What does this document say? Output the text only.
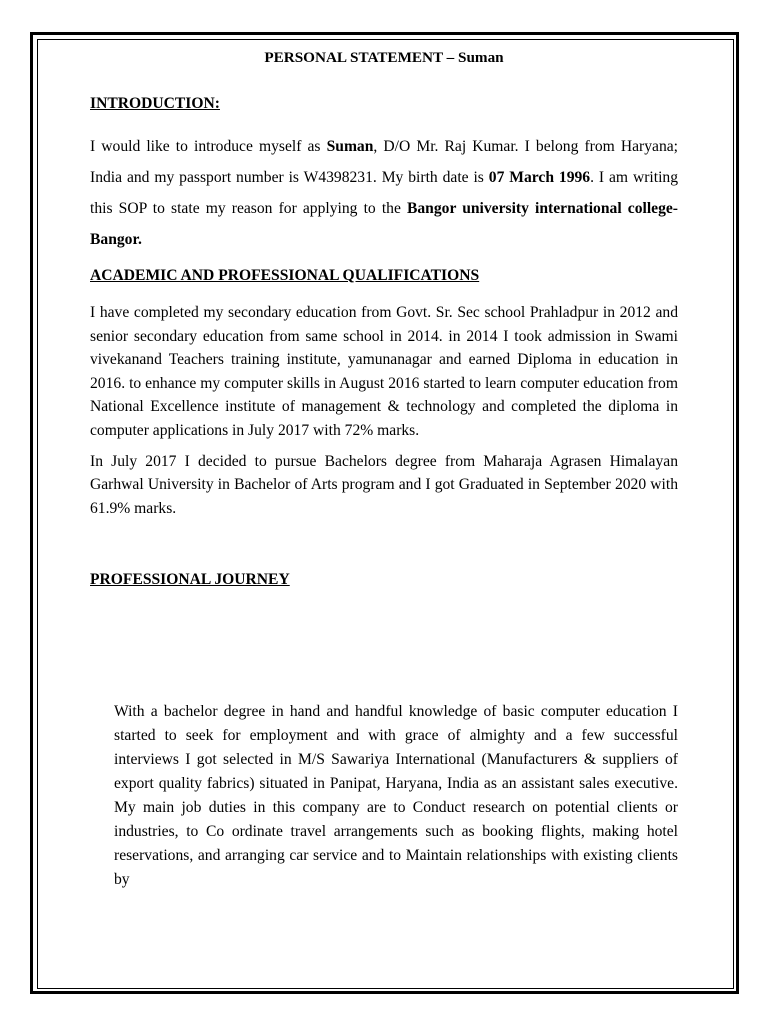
PERSONAL STATEMENT – Suman

INTRODUCTION:

I would like to introduce myself as Suman, D/O Mr. Raj Kumar. I belong from Haryana; India and my passport number is W4398231. My birth date is 07 March 1996. I am writing this SOP to state my reason for applying to the Bangor university international college-Bangor.

ACADEMIC AND PROFESSIONAL QUALIFICATIONS

I have completed my secondary education from Govt. Sr. Sec school Prahladpur in 2012 and senior secondary education from same school in 2014. in 2014 I took admission in Swami vivekanand Teachers training institute, yamunanagar and earned Diploma in education in 2016. to enhance my computer skills in August 2016 started to learn computer education from National Excellence institute of management & technology and completed the diploma in computer applications in July 2017 with 72% marks.

In July 2017 I decided to pursue Bachelors degree from Maharaja Agrasen Himalayan Garhwal University in Bachelor of Arts program and I got Graduated in September 2020 with 61.9% marks.

PROFESSIONAL JOURNEY

With a bachelor degree in hand and handful knowledge of basic computer education I started to seek for employment and with grace of almighty and a few successful interviews I got selected in M/S Sawariya International (Manufacturers & suppliers of export quality fabrics) situated in Panipat, Haryana, India as an assistant sales executive. My main job duties in this company are to Conduct research on potential clients or industries, to Co ordinate travel arrangements such as booking flights, making hotel reservations, and arranging car service and to Maintain relationships with existing clients by
